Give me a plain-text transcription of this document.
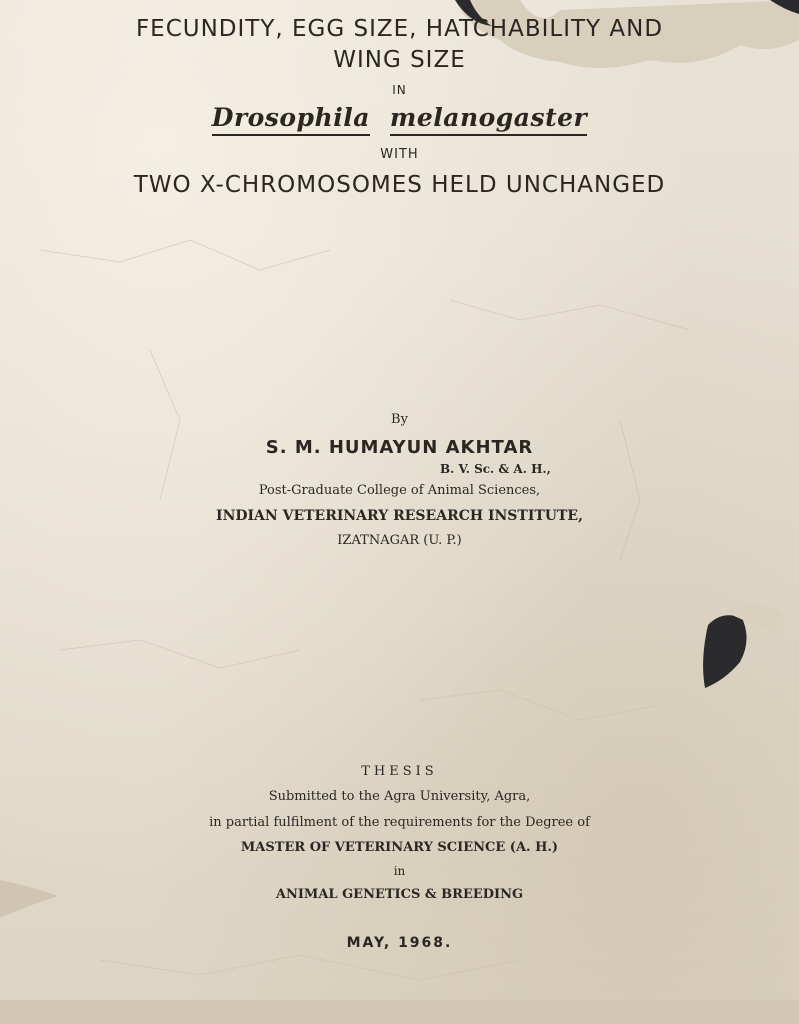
FECUNDITY, EGG SIZE, HATCHABILITY AND
WING SIZE
IN
Drosophila melanogaster
WITH
TWO X-CHROMOSOMES HELD UNCHANGED
By
S. M. HUMAYUN AKHTAR
B. V. Sc. & A. H.,
Post-Graduate College of Animal Sciences,
INDIAN VETERINARY RESEARCH INSTITUTE,
IZATNAGAR (U. P.)
THESIS
Submitted to the Agra University, Agra,
in partial fulfilment of the requirements for the Degree of
MASTER OF VETERINARY SCIENCE (A. H.)
in
ANIMAL GENETICS & BREEDING
MAY, 1968.
